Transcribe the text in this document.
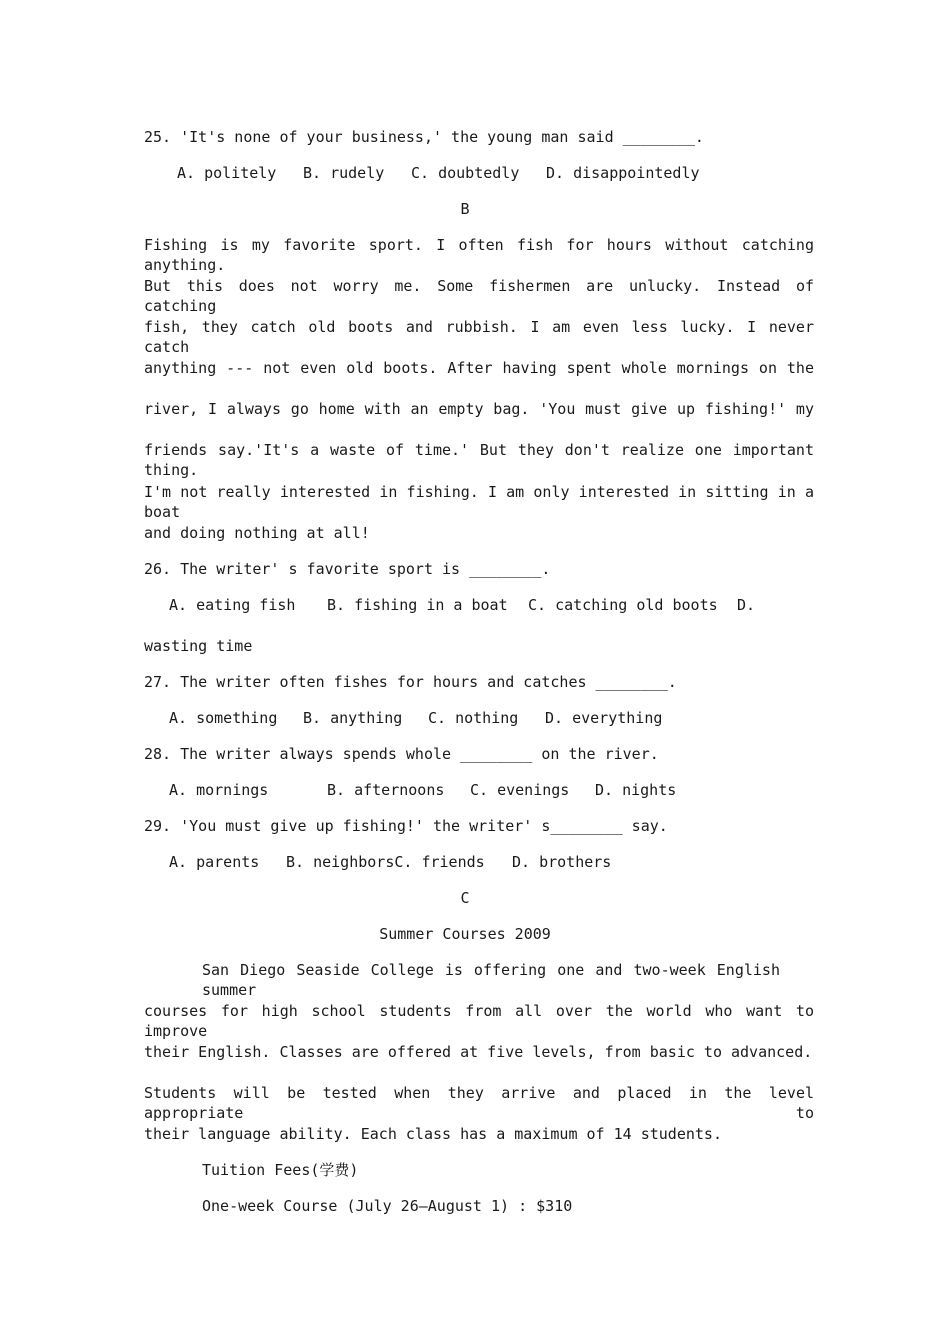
25. 'It's none of your business,' the young man said ________.
A. politely B. rudely C. doubtedly D. disappointedly
B
Fishing is my favorite sport. I often fish for hours without catching anything.
But this does not worry me. Some fishermen are unlucky. Instead of catching
fish, they catch old boots and rubbish. I am even less lucky. I never catch
anything --- not even old boots. After having spent whole mornings on the
river, I always go home with an empty bag. 'You must give up fishing!' my
friends say.'It's a waste of time.' But they don't realize one important thing.
I'm not really interested in fishing. I am only interested in sitting in a boat
and doing nothing at all!
26. The writer' s favorite sport is ________.
A. eating fish B. fishing in a boat C. catching old boots D.
wasting time
27. The writer often fishes for hours and catches ________.
A. something B. anything C. nothing D. everything
28. The writer always spends whole ________ on the river.
A. mornings	B. afternoons C. evenings D. nights
29. 'You must give up fishing!' the writer' s________ say.
A. parents B. neighborsC. friends D. brothers
C
Summer Courses 2009
San Diego Seaside College is offering one and two-week English summer
courses for high school students from all over the world who want to improve
their English. Classes are offered at five levels, from basic to advanced.
Students will be tested when they arrive and placed in the level appropriate to
their language ability. Each class has a maximum of 14 students.
Tuition Fees(学费)
One-week Course (July 26—August 1) : $310
